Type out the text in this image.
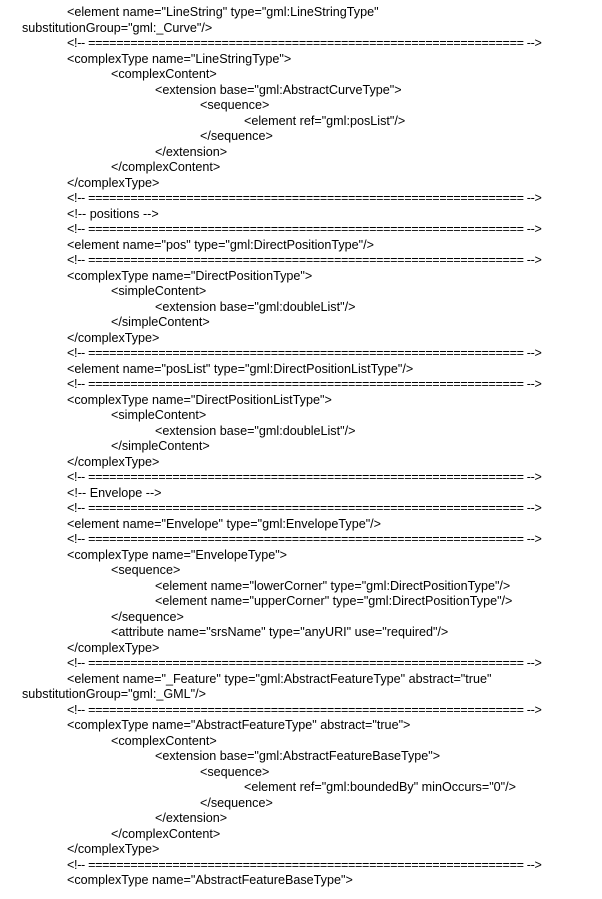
<element name="LineString" type="gml:LineStringType"
substitutionGroup="gml:_Curve"/>
<!-- ============================================================== -->
<complexType name="LineStringType">
<complexContent>
<extension base="gml:AbstractCurveType">
<sequence>
<element ref="gml:posList"/>
</sequence>
</extension>
</complexContent>
</complexType>
<!-- ============================================================== -->
<!-- positions -->
<!-- ============================================================== -->
<element name="pos" type="gml:DirectPositionType"/>
<!-- ============================================================== -->
<complexType name="DirectPositionType">
<simpleContent>
<extension base="gml:doubleList"/>
</simpleContent>
</complexType>
<!-- ============================================================== -->
<element name="posList" type="gml:DirectPositionListType"/>
<!-- ============================================================== -->
<complexType name="DirectPositionListType">
<simpleContent>
<extension base="gml:doubleList"/>
</simpleContent>
</complexType>
<!-- ============================================================== -->
<!-- Envelope -->
<!-- ============================================================== -->
<element name="Envelope" type="gml:EnvelopeType"/>
<!-- ============================================================== -->
<complexType name="EnvelopeType">
<sequence>
<element name="lowerCorner" type="gml:DirectPositionType"/>
<element name="upperCorner" type="gml:DirectPositionType"/>
</sequence>
<attribute name="srsName" type="anyURI" use="required"/>
</complexType>
<!-- ============================================================== -->
<element name="_Feature" type="gml:AbstractFeatureType" abstract="true"
substitutionGroup="gml:_GML"/>
<!-- ============================================================== -->
<complexType name="AbstractFeatureType" abstract="true">
<complexContent>
<extension base="gml:AbstractFeatureBaseType">
<sequence>
<element ref="gml:boundedBy" minOccurs="0"/>
</sequence>
</extension>
</complexContent>
</complexType>
<!-- ============================================================== -->
<complexType name="AbstractFeatureBaseType">
